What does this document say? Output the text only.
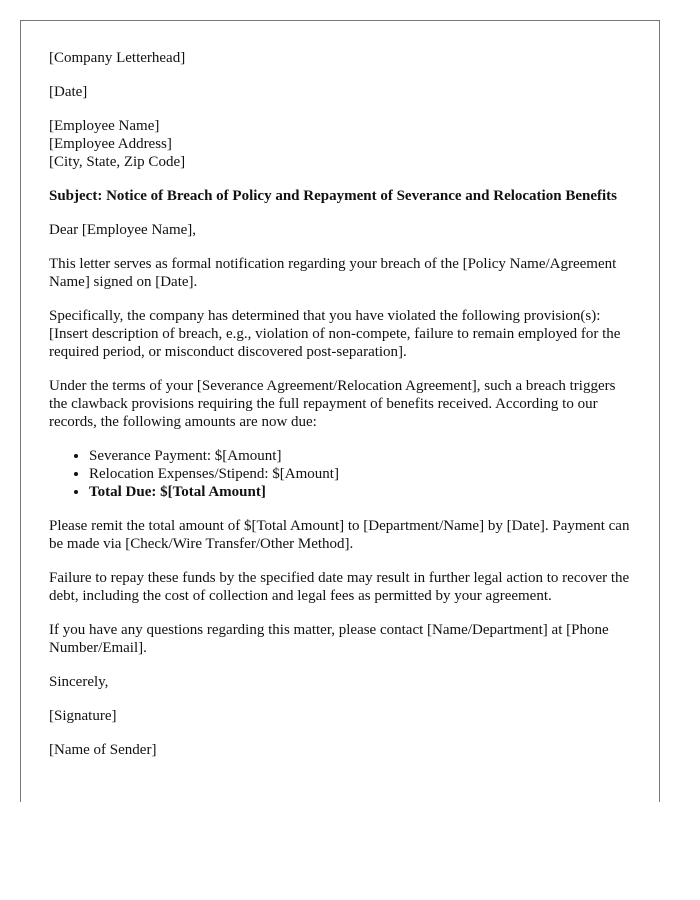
[Company Letterhead]

[Date]

[Employee Name]
[Employee Address]
[City, State, Zip Code]

Subject: Notice of Breach of Policy and Repayment of Severance and Relocation Benefits

Dear [Employee Name],

This letter serves as formal notification regarding your breach of the [Policy Name/Agreement Name] signed on [Date].

Specifically, the company has determined that you have violated the following provision(s):
[Insert description of breach, e.g., violation of non-compete, failure to remain employed for the required period, or misconduct discovered post-separation].

Under the terms of your [Severance Agreement/Relocation Agreement], such a breach triggers the clawback provisions requiring the full repayment of benefits received. According to our records, the following amounts are now due:

• Severance Payment: $[Amount]
• Relocation Expenses/Stipend: $[Amount]
• Total Due: $[Total Amount]

Please remit the total amount of $[Total Amount] to [Department/Name] by [Date]. Payment can be made via [Check/Wire Transfer/Other Method].

Failure to repay these funds by the specified date may result in further legal action to recover the debt, including the cost of collection and legal fees as permitted by your agreement.

If you have any questions regarding this matter, please contact [Name/Department] at [Phone Number/Email].

Sincerely,

[Signature]

[Name of Sender]
